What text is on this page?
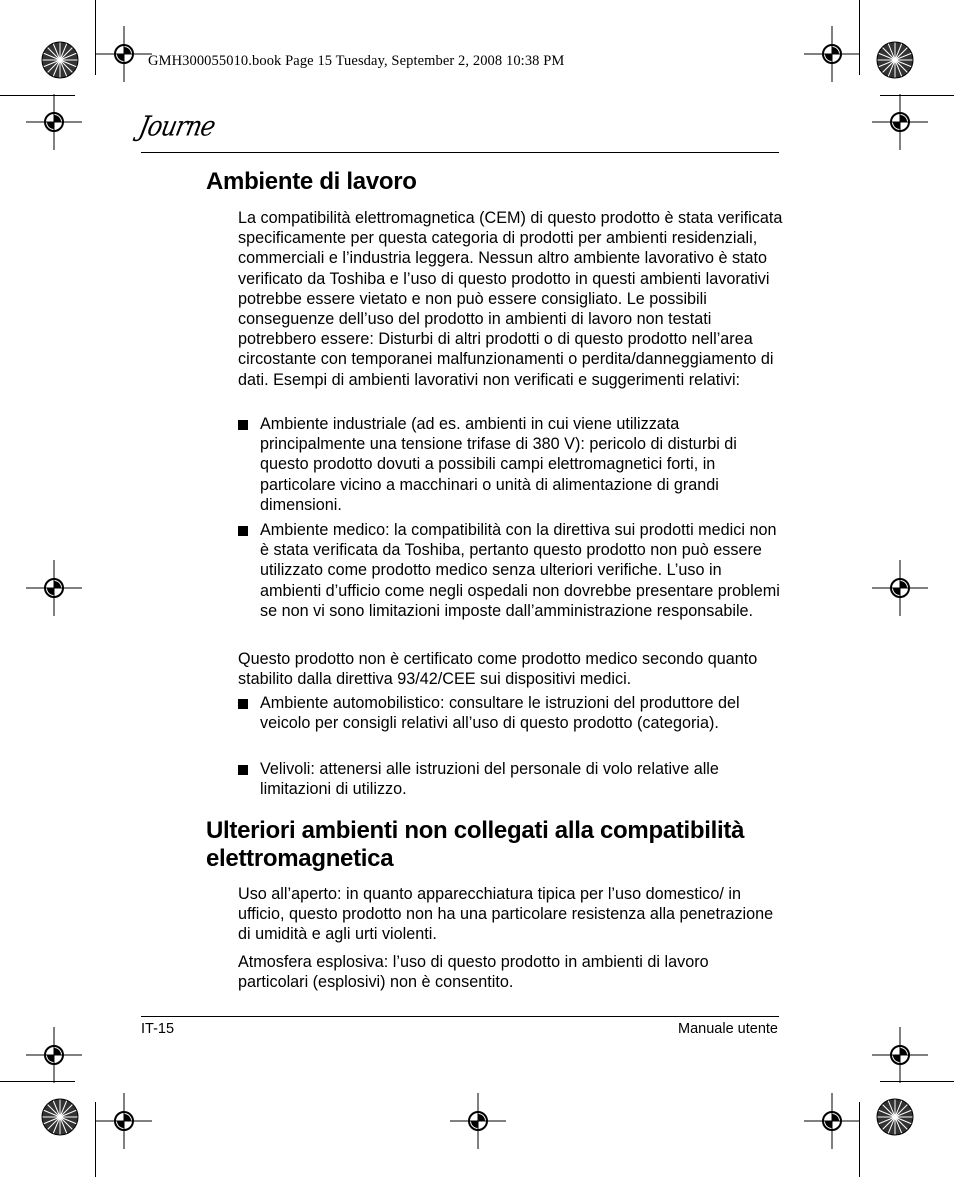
GMH300055010.book Page 15 Tuesday, September 2, 2008 10:38 PM
Journe
Ambiente di lavoro

La compatibilità elettromagnetica (CEM) di questo prodotto è stata verificata specificamente per questa categoria di prodotti per ambienti residenziali, commerciali e l’industria leggera. Nessun altro ambiente lavorativo è stato verificato da Toshiba e l’uso di questo prodotto in questi ambienti lavorativi potrebbe essere vietato e non può essere consigliato. Le possibili conseguenze dell’uso del prodotto in ambienti di lavoro non testati potrebbero essere: Disturbi di altri prodotti o di questo prodotto nell’area circostante con temporanei malfunzionamenti o perdita/danneggiamento di dati. Esempi di ambienti lavorativi non verificati e suggerimenti relativi:

Ambiente industriale (ad es. ambienti in cui viene utilizzata principalmente una tensione trifase di 380 V): pericolo di disturbi di questo prodotto dovuti a possibili campi elettromagnetici forti, in particolare vicino a macchinari o unità di alimentazione di grandi dimensioni.
Ambiente medico: la compatibilità con la direttiva sui prodotti medici non è stata verificata da Toshiba, pertanto questo prodotto non può essere utilizzato come prodotto medico senza ulteriori verifiche. L’uso in ambienti d’ufficio come negli ospedali non dovrebbe presentare problemi se non vi sono limitazioni imposte dall’amministrazione responsabile.

Questo prodotto non è certificato come prodotto medico secondo quanto stabilito dalla direttiva 93/42/CEE sui dispositivi medici.

Ambiente automobilistico: consultare le istruzioni del produttore del veicolo per consigli relativi all’uso di questo prodotto (categoria).
Velivoli: attenersi alle istruzioni del personale di volo relative alle limitazioni di utilizzo.
Ulteriori ambienti non collegati alla compatibilità elettromagnetica

Uso all’aperto: in quanto apparecchiatura tipica per l’uso domestico/ in ufficio, questo prodotto non ha una particolare resistenza alla penetrazione di umidità e agli urti violenti.

Atmosfera esplosiva: l’uso di questo prodotto in ambienti di lavoro particolari (esplosivi) non è consentito.

IT-15	Manuale utente
